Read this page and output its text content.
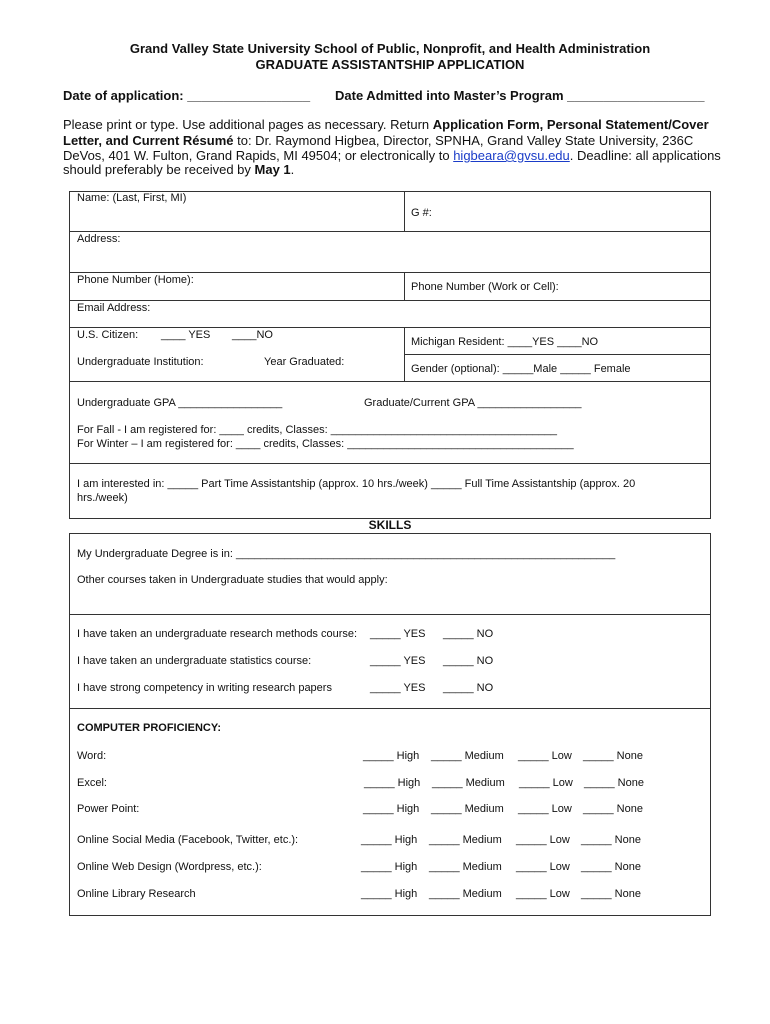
Grand Valley State University School of Public, Nonprofit, and Health Administration
GRADUATE ASSISTANTSHIP APPLICATION
Date of application: _________________ Date Admitted into Master’s Program ___________________
Please print or type. Use additional pages as necessary. Return Application Form, Personal Statement/Cover
Letter, and Current Résumé to: Dr. Raymond Higbea, Director, SPNHA, Grand Valley State University, 236C
DeVos, 401 W. Fulton, Grand Rapids, MI 49504; or electronically to higbeara@gvsu.edu. Deadline: all applications
should preferably be received by May 1.
Name: (Last, First, MI)
G #:
Address:
Phone Number (Home):
Phone Number (Work or Cell):
Email Address:
U.S. Citizen: ____ YES ____NO
Michigan Resident: ____YES ____NO
Undergraduate Institution:	Year Graduated:
Gender (optional): _____Male _____ Female
Undergraduate GPA _________________	Graduate/Current GPA _________________
For Fall - I am registered for: ____ credits, Classes: _____________________________________
For Winter – I am registered for: ____ credits, Classes: _____________________________________
I am interested in: _____ Part Time Assistantship (approx. 10 hrs./week) _____ Full Time Assistantship (approx. 20
hrs./week)
SKILLS
My Undergraduate Degree is in: ______________________________________________________________
Other courses taken in Undergraduate studies that would apply:
I have taken an undergraduate research methods course: _____ YES _____ NO
I have taken an undergraduate statistics course:	_____ YES _____ NO
I have strong competency in writing research papers	_____ YES _____ NO
COMPUTER PROFICIENCY:
Word:	_____ High _____ Medium _____ Low _____ None
Excel:	_____ High _____ Medium _____ Low _____ None
Power Point:	_____ High _____ Medium _____ Low _____ None
Online Social Media (Facebook, Twitter, etc.):	_____ High _____ Medium _____ Low _____ None
Online Web Design (Wordpress, etc.):	_____ High _____ Medium _____ Low _____ None
Online Library Research	_____ High _____ Medium _____ Low _____ None
